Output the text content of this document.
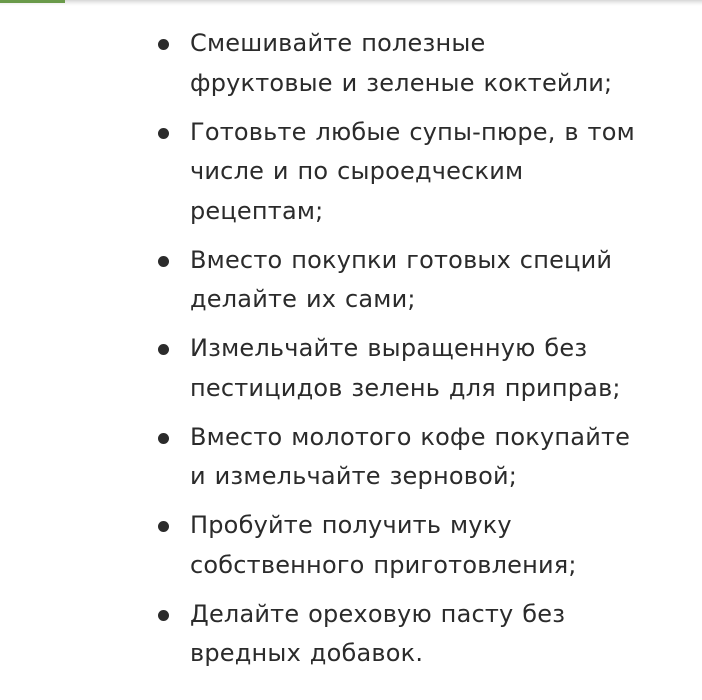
Смешивайте полезные
фруктовые и зеленые коктейли;
Готовьте любые супы-пюре, в том
числе и по сыроедческим
рецептам;
Вместо покупки готовых специй
делайте их сами;
Измельчайте выращенную без
пестицидов зелень для приправ;
Вместо молотого кофе покупайте
и измельчайте зерновой;
Пробуйте получить муку
собственного приготовления;
Делайте ореховую пасту без
вредных добавок.
